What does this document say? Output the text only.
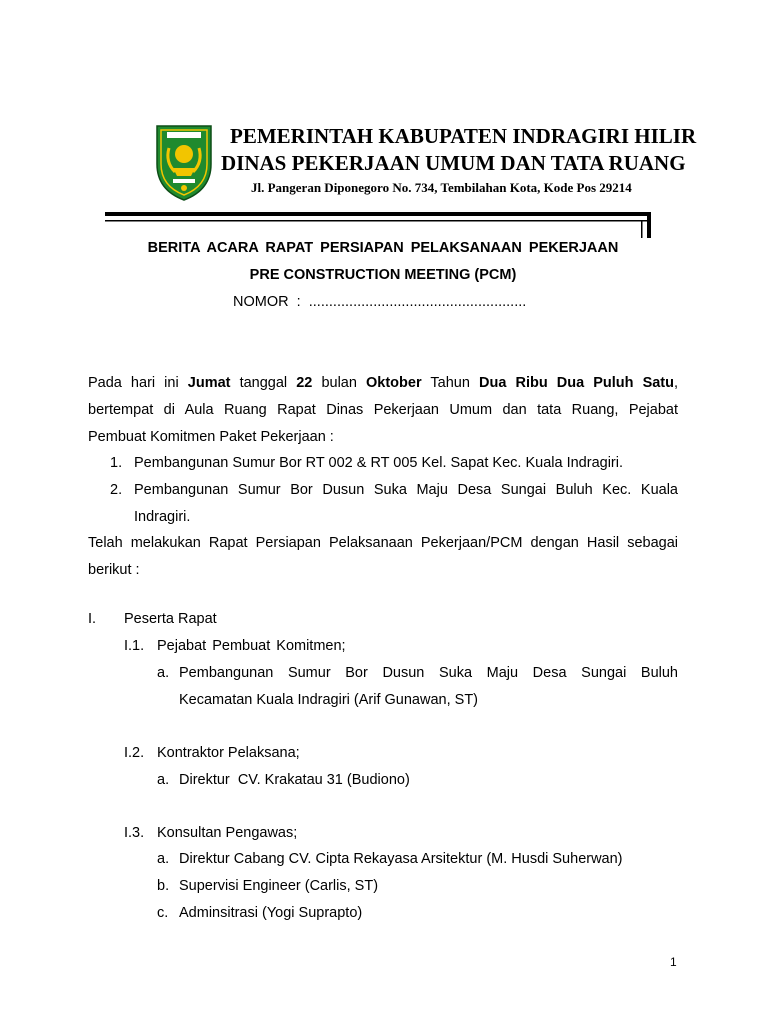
PEMERINTAH KABUPATEN INDRAGIRI HILIR
DINAS PEKERJAAN UMUM DAN TATA RUANG
Jl. Pangeran Diponegoro No. 734, Tembilahan Kota, Kode Pos 29214
BERITA ACARA RAPAT PERSIAPAN PELAKSANAAN PEKERJAAN
PRE CONSTRUCTION MEETING (PCM)
NOMOR : ......................................................
Pada hari ini Jumat tanggal 22 bulan Oktober Tahun Dua Ribu Dua Puluh Satu,
bertempat di Aula Ruang Rapat Dinas Pekerjaan Umum dan tata Ruang, Pejabat
Pembuat Komitmen Paket Pekerjaan :
1. Pembangunan Sumur Bor RT 002 & RT 005 Kel. Sapat Kec. Kuala Indragiri.
2. Pembangunan Sumur Bor Dusun Suka Maju Desa Sungai Buluh Kec. Kuala
Indragiri.
Telah melakukan Rapat Persiapan Pelaksanaan Pekerjaan/PCM dengan Hasil sebagai
berikut :
I. Peserta Rapat
I.1. Pejabat Pembuat Komitmen;
a. Pembangunan Sumur Bor Dusun Suka Maju Desa Sungai Buluh
Kecamatan Kuala Indragiri (Arif Gunawan, ST)
I.2. Kontraktor Pelaksana;
a. Direktur  CV. Krakatau 31 (Budiono)
I.3. Konsultan Pengawas;
a. Direktur Cabang CV. Cipta Rekayasa Arsitektur (M. Husdi Suherwan)
b. Supervisi Engineer (Carlis, ST)
c. Adminsitrasi (Yogi Suprapto)
1
